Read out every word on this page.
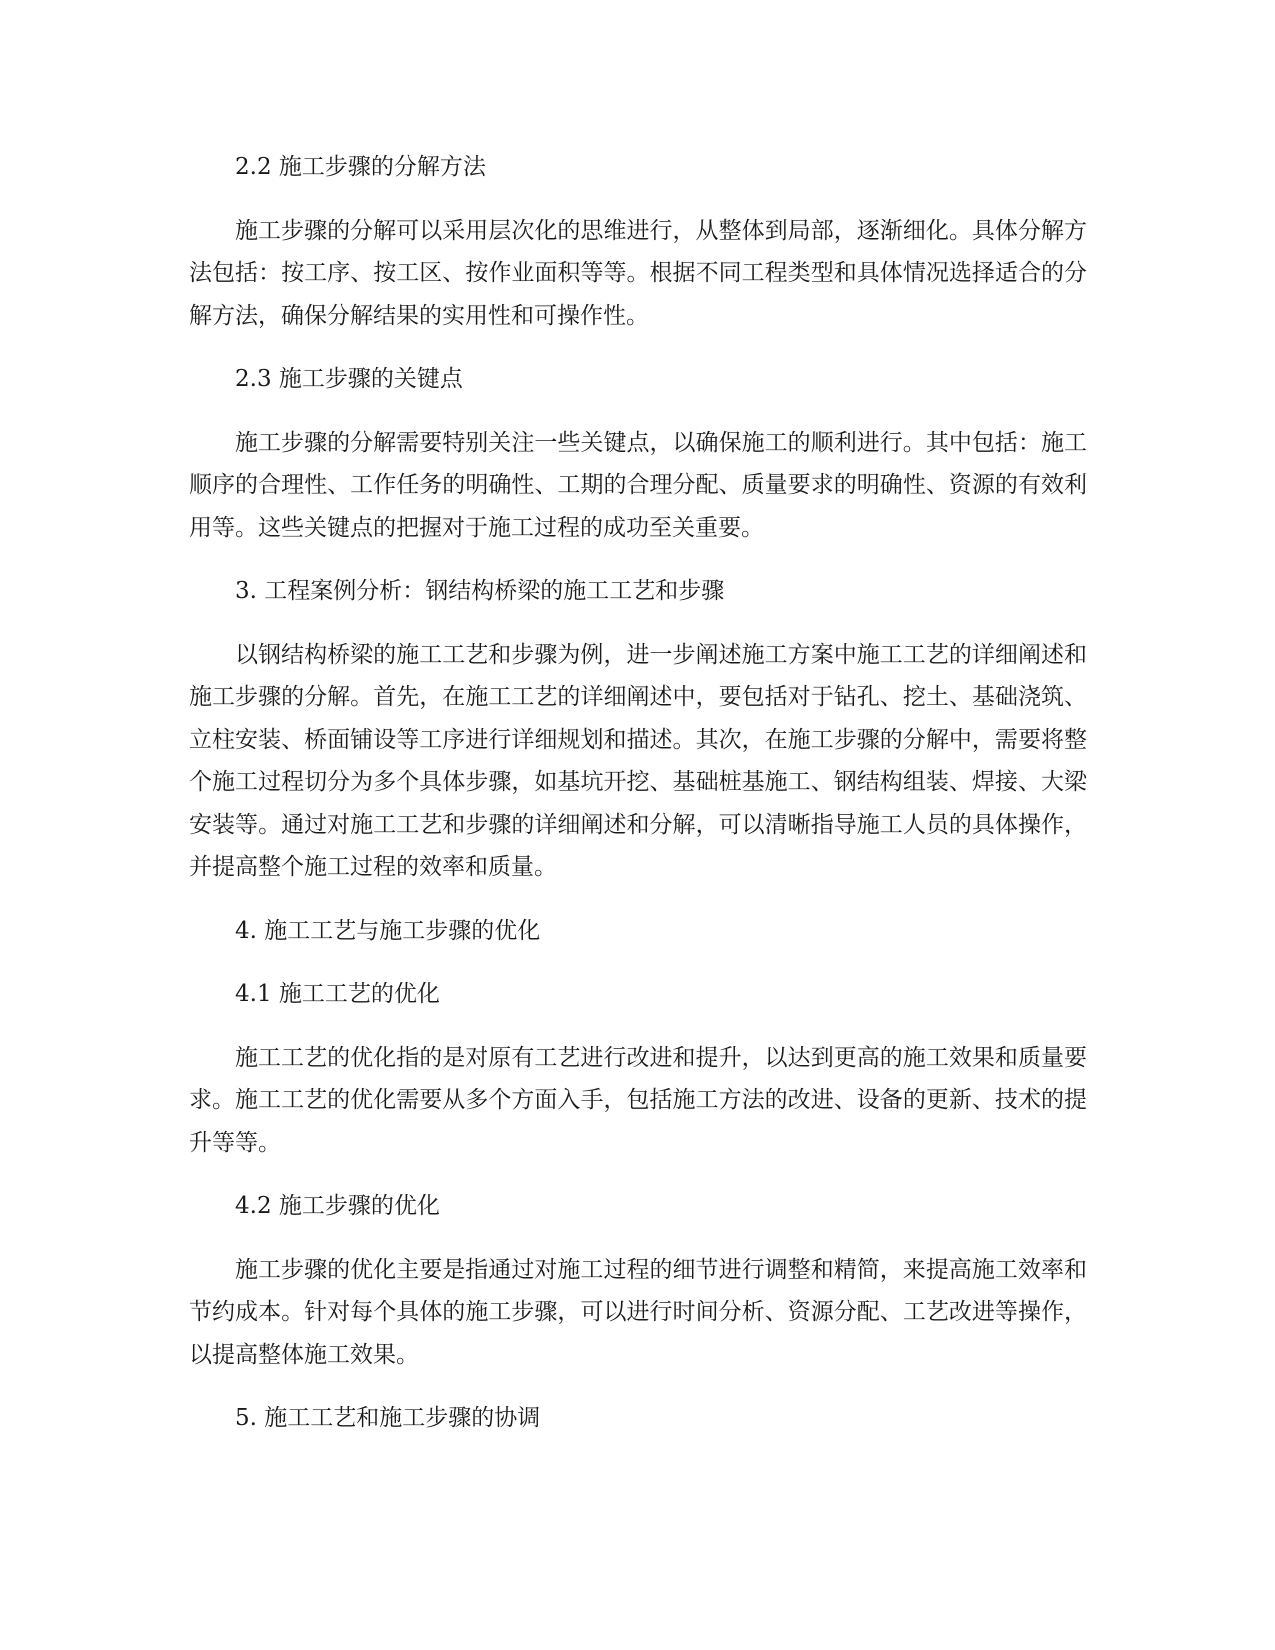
2.2 施工步骤的分解方法

施工步骤的分解可以采用层次化的思维进行，从整体到局部，逐渐细化。具体分解方法包括：按工序、按工区、按作业面积等等。根据不同工程类型和具体情况选择适合的分解方法，确保分解结果的实用性和可操作性。

2.3 施工步骤的关键点

施工步骤的分解需要特别关注一些关键点，以确保施工的顺利进行。其中包括：施工顺序的合理性、工作任务的明确性、工期的合理分配、质量要求的明确性、资源的有效利用等。这些关键点的把握对于施工过程的成功至关重要。

3. 工程案例分析：钢结构桥梁的施工工艺和步骤

以钢结构桥梁的施工工艺和步骤为例，进一步阐述施工方案中施工工艺的详细阐述和施工步骤的分解。首先，在施工工艺的详细阐述中，要包括对于钻孔、挖土、基础浇筑、立柱安装、桥面铺设等工序进行详细规划和描述。其次，在施工步骤的分解中，需要将整个施工过程切分为多个具体步骤，如基坑开挖、基础桩基施工、钢结构组装、焊接、大梁安装等。通过对施工工艺和步骤的详细阐述和分解，可以清晰指导施工人员的具体操作，并提高整个施工过程的效率和质量。

4. 施工工艺与施工步骤的优化

4.1 施工工艺的优化

施工工艺的优化指的是对原有工艺进行改进和提升，以达到更高的施工效果和质量要求。施工工艺的优化需要从多个方面入手，包括施工方法的改进、设备的更新、技术的提升等等。

4.2 施工步骤的优化

施工步骤的优化主要是指通过对施工过程的细节进行调整和精简，来提高施工效率和节约成本。针对每个具体的施工步骤，可以进行时间分析、资源分配、工艺改进等操作，以提高整体施工效果。

5. 施工工艺和施工步骤的协调
